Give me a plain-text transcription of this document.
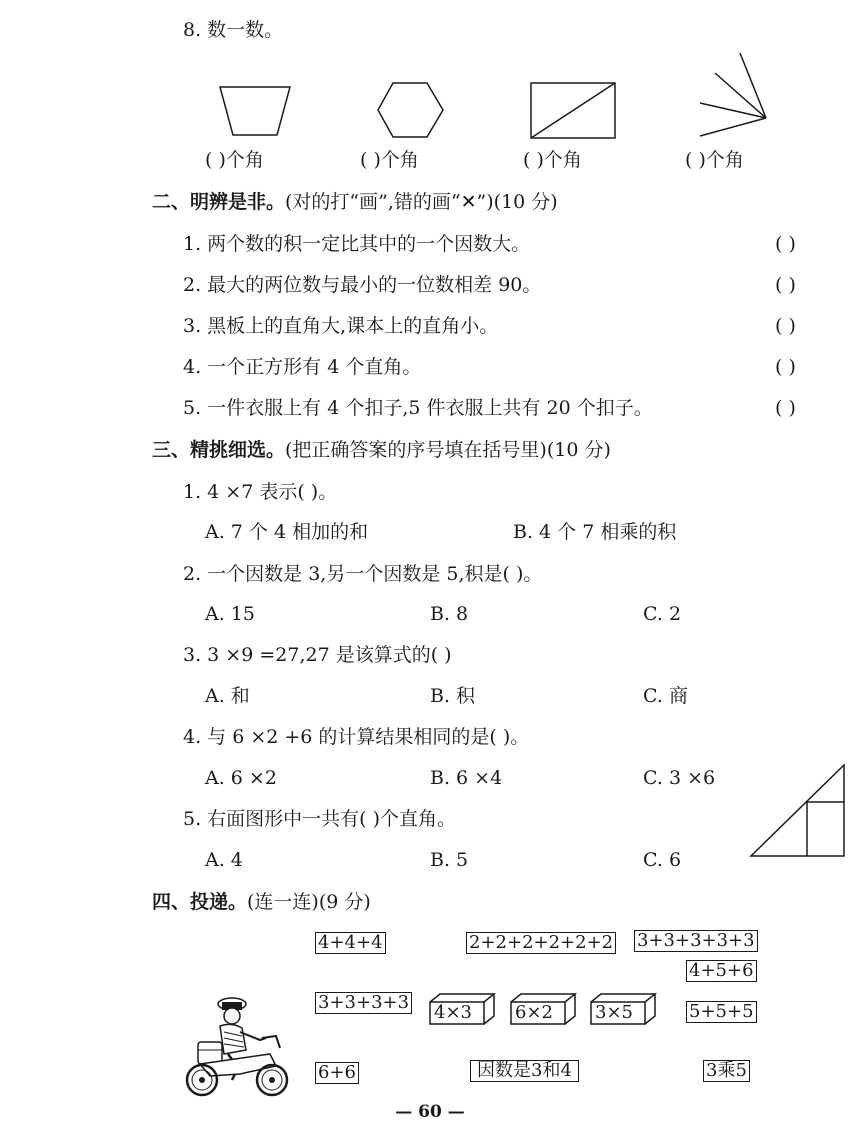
8. 数一数。
( )个角	( )个角	( )个角	( )个角
二、明辨是非。(对的打“画”,错的画“✕”)(10 分)
1. 两个数的积一定比其中的一个因数大。	( )
2. 最大的两位数与最小的一位数相差 90。	( )
3. 黑板上的直角大,课本上的直角小。	( )
4. 一个正方形有 4 个直角。	( )
5. 一件衣服上有 4 个扣子,5 件衣服上共有 20 个扣子。	( )
三、精挑细选。(把正确答案的序号填在括号里)(10 分)
1. 4 ×7 表示( )。
A. 7 个 4 相加的和	B. 4 个 7 相乘的积
2. 一个因数是 3,另一个因数是 5,积是( )。
A. 15	B. 8	C. 2
3. 3 ×9 =27,27 是该算式的( )
A. 和	B. 积	C. 商
4. 与 6 ×2 +6 的计算结果相同的是( )。
A. 6 ×2	B. 6 ×4	C. 3 ×6
5. 右面图形中一共有( )个直角。
A. 4	B. 5	C. 6
四、投递。(连一连)(9 分)
4+4+4	2+2+2+2+2+2 3+3+3+3+3
4+5+6
3+3+3+3 4×3 6×2 3×5	5+5+5
6+6	因数是3和4	3乘5
— 60 —
